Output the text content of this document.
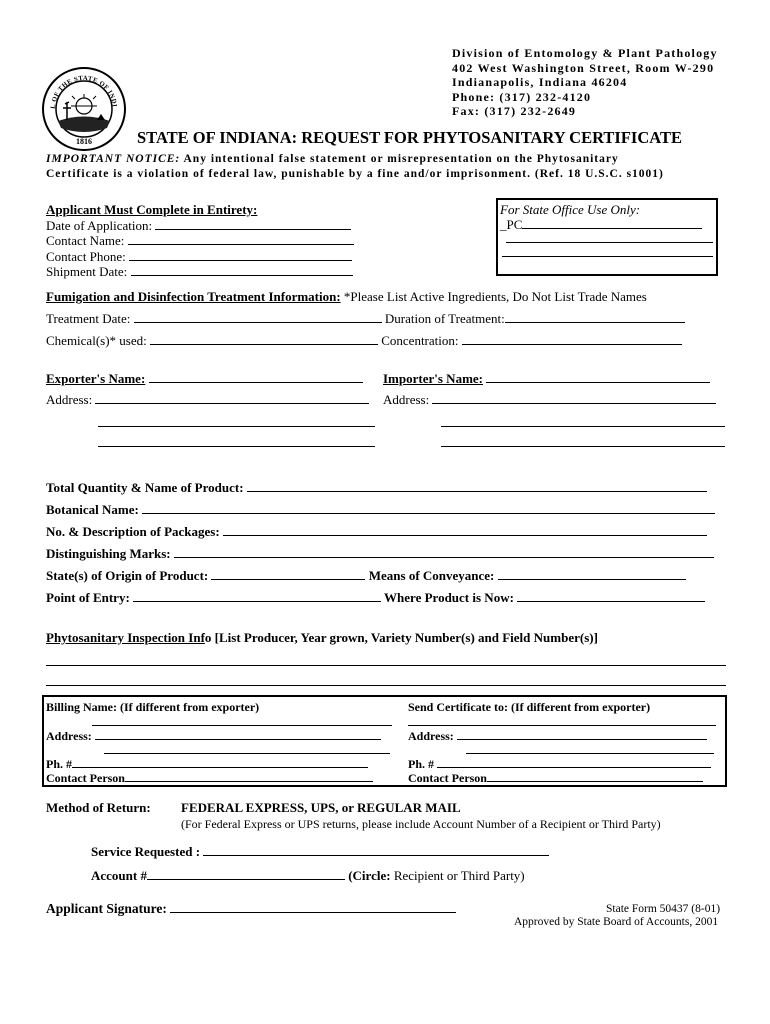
Division of Entomology & Plant Pathology
402 West Washington Street, Room W-290
Indianapolis, Indiana 46204
Phone: (317) 232-4120
Fax: (317) 232-2649
1816
L OF THE STATE OF INDI
STATE OF INDIANA: REQUEST FOR PHYTOSANITARY CERTIFICATE
IMPORTANT NOTICE: Any intentional false statement or misrepresentation on the Phytosanitary
Certificate is a violation of federal law, punishable by a fine and/or imprisonment. (Ref. 18 U.S.C. s1001)
Applicant Must Complete in Entirety:
Date of Application:
Contact Name:
Contact Phone:
Shipment Date:
For State Office Use Only:
_PC
Fumigation and Disinfection Treatment Information: *Please List Active Ingredients, Do Not List Trade Names
Treatment Date:	Duration of Treatment:
Chemical(s)* used:	Concentration:
Exporter's Name:	Importer's Name:
Address:	Address:
Total Quantity & Name of Product:
Botanical Name:
No. & Description of Packages:
Distinguishing Marks:
State(s) of Origin of Product:	Means of Conveyance:
Point of Entry:	Where Product is Now:
Phytosanitary Inspection Info [List Producer, Year grown, Variety Number(s) and Field Number(s)]
Billing Name: (If different from exporter)	Send Certificate to: (If different from exporter)
Address:	Address:
Ph. #	Ph. #
Contact Person	Contact Person
Method of Return: FEDERAL EXPRESS, UPS, or REGULAR MAIL
(For Federal Express or UPS returns, please include Account Number of a Recipient or Third Party)
Service Requested :
Account #	(Circle: Recipient or Third Party)
Applicant Signature:	State Form 50437 (8-01)
Approved by State Board of Accounts, 2001
